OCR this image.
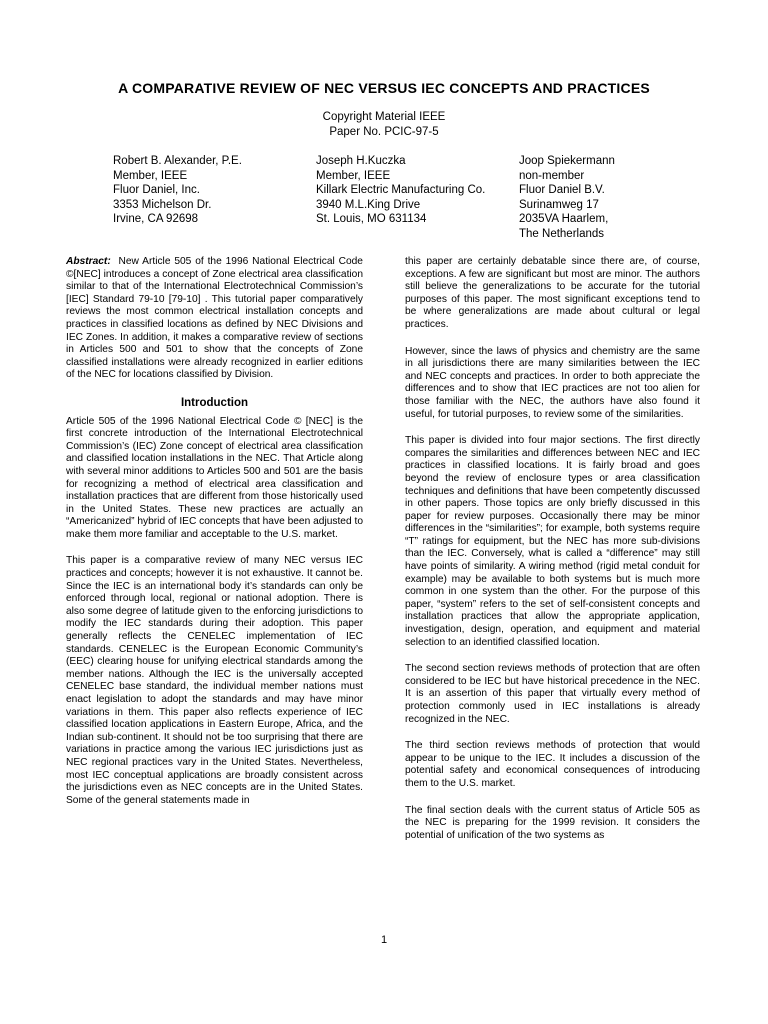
A COMPARATIVE REVIEW OF NEC VERSUS IEC CONCEPTS AND PRACTICES
Copyright Material IEEE
Paper No. PCIC-97-5
Robert B. Alexander, P.E.
Member, IEEE
Fluor Daniel, Inc.
3353 Michelson Dr.
Irvine, CA 92698
Joseph H.Kuczka
Member, IEEE
Killark Electric Manufacturing Co.
3940 M.L.King Drive
St. Louis, MO 631134
Joop Spiekermann
non-member
Fluor Daniel B.V.
Surinamweg 17
2035VA Haarlem,
The Netherlands

Abstract: New Article 505 of the 1996 National Electrical Code ©[NEC] introduces a concept of Zone electrical area classification similar to that of the International Electrotechnical Commission’s [IEC] Standard 79-10 [79-10] . This tutorial paper comparatively reviews the most common electrical installation concepts and practices in classified locations as defined by NEC Divisions and IEC Zones. In addition, it makes a comparative review of sections in Articles 500 and 501 to show that the concepts of Zone classified installations were already recognized in earlier editions of the NEC for locations classified by Division.

Introduction

Article 505 of the 1996 National Electrical Code © [NEC] is the first concrete introduction of the International Electrotechnical Commission’s (IEC) Zone concept of electrical area classification and classified location installations in the NEC. That Article along with several minor additions to Articles 500 and 501 are the basis for recognizing a method of electrical area classification and installation practices that are different from those historically used in the United States. These new practices are actually an “Americanized” hybrid of IEC concepts that have been adjusted to make them more familiar and acceptable to the U.S. market.

This paper is a comparative review of many NEC versus IEC practices and concepts; however it is not exhaustive. It cannot be. Since the IEC is an international body it’s standards can only be enforced through local, regional or national adoption. There is also some degree of latitude given to the enforcing jurisdictions to modify the IEC standards during their adoption. This paper generally reflects the CENELEC implementation of IEC standards. CENELEC is the European Economic Community’s (EEC) clearing house for unifying electrical standards among the member nations. Although the IEC is the universally accepted CENELEC base standard, the individual member nations must enact legislation to adopt the standards and may have minor variations in them. This paper also reflects experience of IEC classified location applications in Eastern Europe, Africa, and the Indian sub-continent. It should not be too surprising that there are variations in practice among the various IEC jurisdictions just as NEC regional practices vary in the United States. Nevertheless, most IEC conceptual applications are broadly consistent across the jurisdictions even as NEC concepts are in the United States. Some of the general statements made in

this paper are certainly debatable since there are, of course, exceptions. A few are significant but most are minor. The authors still believe the generalizations to be accurate for the tutorial purposes of this paper. The most significant exceptions tend to be where generalizations are made about cultural or legal practices.

However, since the laws of physics and chemistry are the same in all jurisdictions there are many similarities between the IEC and NEC concepts and practices. In order to both appreciate the differences and to show that IEC practices are not too alien for those familiar with the NEC, the authors have also found it useful, for tutorial purposes, to review some of the similarities.

This paper is divided into four major sections. The first directly compares the similarities and differences between NEC and IEC practices in classified locations. It is fairly broad and goes beyond the review of enclosure types or area classification techniques and definitions that have been competently discussed in other papers. Those topics are only briefly discussed in this paper for review purposes. Occasionally there may be minor differences in the “similarities”; for example, both systems require “T” ratings for equipment, but the NEC has more sub-divisions than the IEC. Conversely, what is called a “difference” may still have points of similarity. A wiring method (rigid metal conduit for example) may be available to both systems but is much more common in one system than the other. For the purpose of this paper, “system” refers to the set of self-consistent concepts and installation practices that allow the appropriate application, investigation, design, operation, and equipment and material selection to an identified classified location.

The second section reviews methods of protection that are often considered to be IEC but have historical precedence in the NEC. It is an assertion of this paper that virtually every method of protection commonly used in IEC installations is already recognized in the NEC.

The third section reviews methods of protection that would appear to be unique to the IEC. It includes a discussion of the potential safety and economical consequences of introducing them to the U.S. market.

The final section deals with the current status of Article 505 as the NEC is preparing for the 1999 revision. It considers the potential of unification of the two systems as

1
